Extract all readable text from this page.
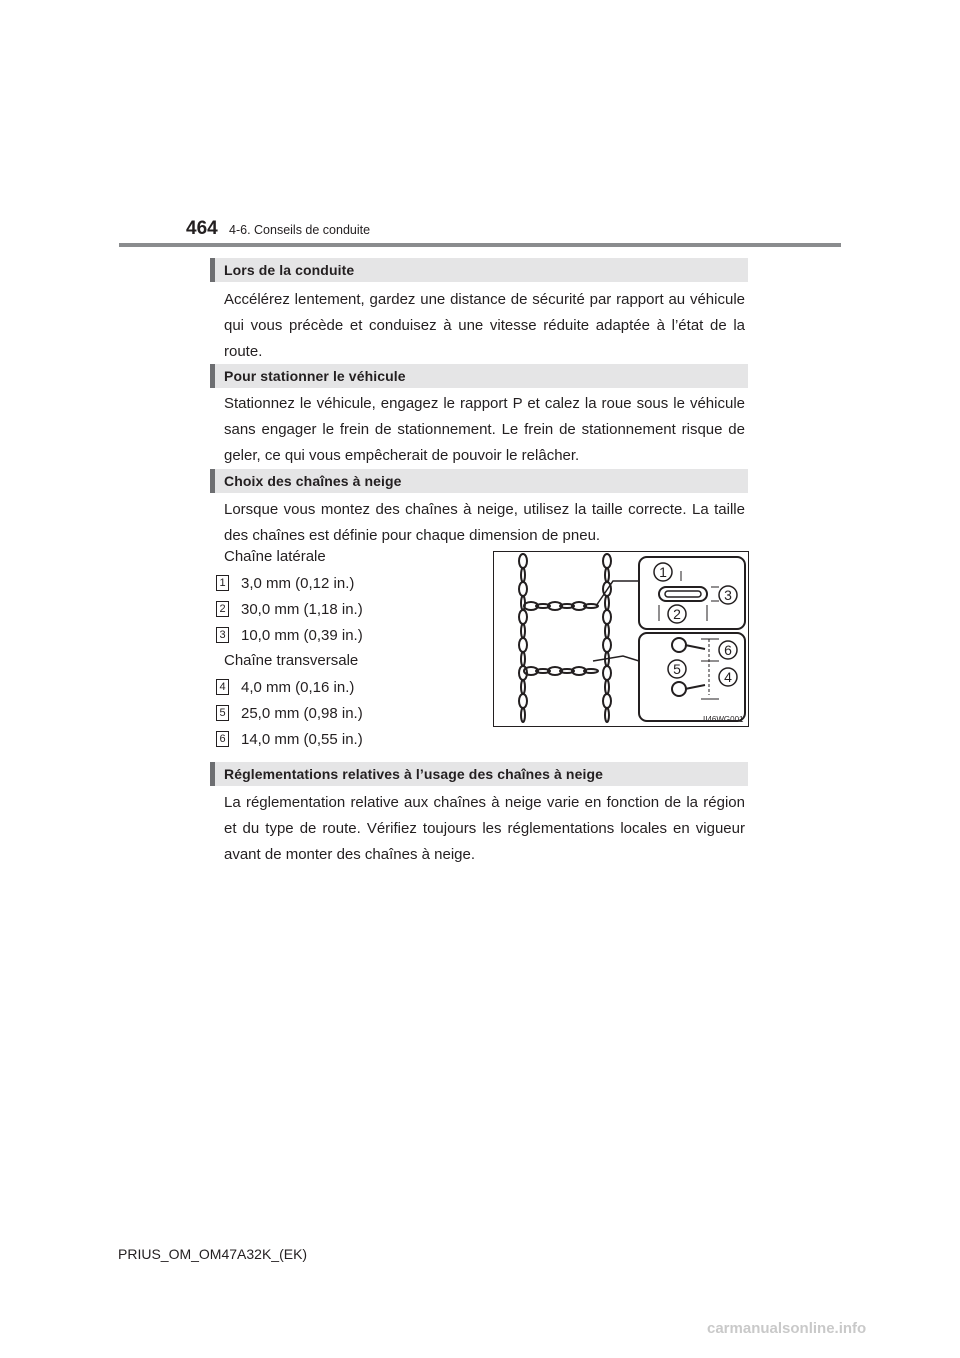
464 4-6. Conseils de conduite
Lors de la conduite

Accélérez lentement, gardez une distance de sécurité par rapport au véhicule qui vous précède et conduisez à une vitesse réduite adaptée à l’état de la route.

Pour stationner le véhicule

Stationnez le véhicule, engagez le rapport P et calez la roue sous le véhicule sans engager le frein de stationnement. Le frein de stationnement risque de geler, ce qui vous empêcherait de pouvoir le relâcher.

Choix des chaînes à neige

Lorsque vous montez des chaînes à neige, utilisez la taille correcte. La taille des chaînes est définie pour chaque dimension de pneu.

Chaîne latérale
1 3,0 mm (0,12 in.)
2 30,0 mm (1,18 in.)
3 10,0 mm (0,39 in.)
Chaîne transversale
4 4,0 mm (0,16 in.)
5 25,0 mm (0,98 in.)
6 14,0 mm (0,55 in.)
1
2
3
4
5
6
II46WG001
Réglementations relatives à l’usage des chaînes à neige

La réglementation relative aux chaînes à neige varie en fonction de la région et du type de route. Vérifiez toujours les réglementations locales en vigueur avant de monter des chaînes à neige.

PRIUS_OM_OM47A32K_(EK)
carmanualsonline.info
